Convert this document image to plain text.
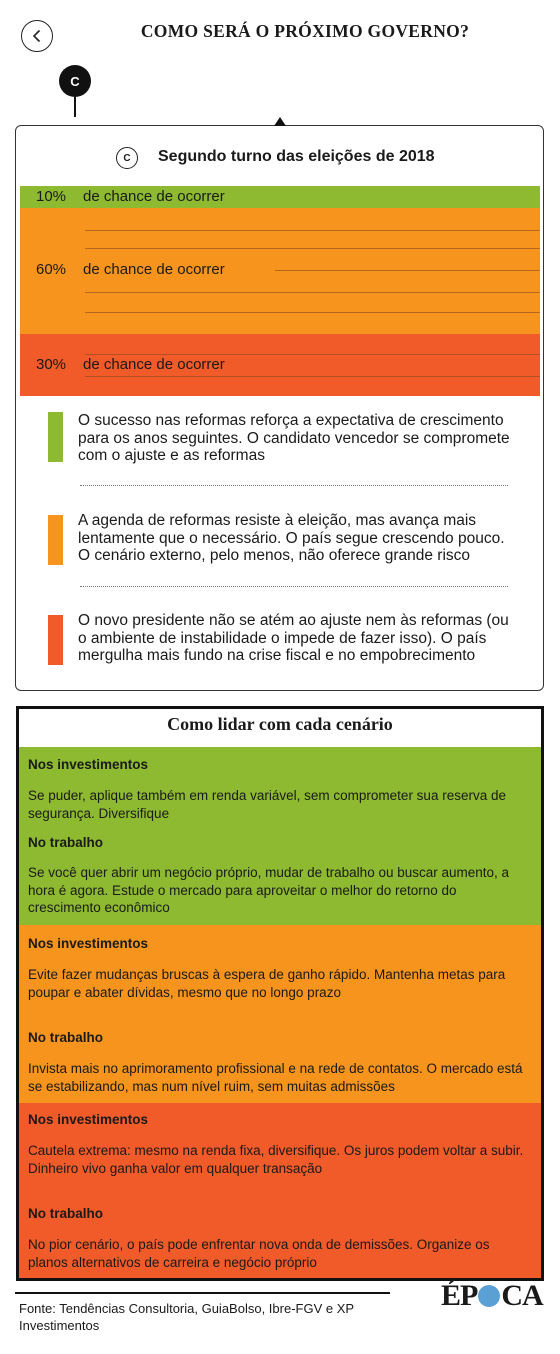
COMO SERÁ O PRÓXIMO GOVERNO?
C
C	Segundo turno das eleições de 2018
10% de chance de ocorrer
60% de chance de ocorrer
30% de chance de ocorrer
O sucesso nas reformas reforça a expectativa de crescimento para os anos seguintes. O candidato vencedor se compromete com o ajuste e as reformas
A agenda de reformas resiste à eleição, mas avança mais lentamente que o necessário. O país segue crescendo pouco. O cenário externo, pelo menos, não oferece grande risco
O novo presidente não se atém ao ajuste nem às reformas (ou o ambiente de instabilidade o impede de fazer isso). O país mergulha mais fundo na crise fiscal e no empobrecimento
Como lidar com cada cenário
Nos investimentos

Se puder, aplique também em renda variável, sem comprometer sua reserva de segurança. Diversifique

No trabalho

Se você quer abrir um negócio próprio, mudar de trabalho ou buscar aumento, a hora é agora. Estude o mercado para aproveitar o melhor do retorno do crescimento econômico

Nos investimentos

Evite fazer mudanças bruscas à espera de ganho rápido. Mantenha metas para poupar e abater dívidas, mesmo que no longo prazo

No trabalho

Invista mais no aprimoramento profissional e na rede de contatos. O mercado está se estabilizando, mas num nível ruim, sem muitas admissões

Nos investimentos

Cautela extrema: mesmo na renda fixa, diversifique. Os juros podem voltar a subir. Dinheiro vivo ganha valor em qualquer transação

No trabalho

No pior cenário, o país pode enfrentar nova onda de demissões. Organize os planos alternativos de carreira e negócio próprio

Fonte: Tendências Consultoria, GuiaBolso, Ibre-FGV e XP Investimentos
ÉP CA
